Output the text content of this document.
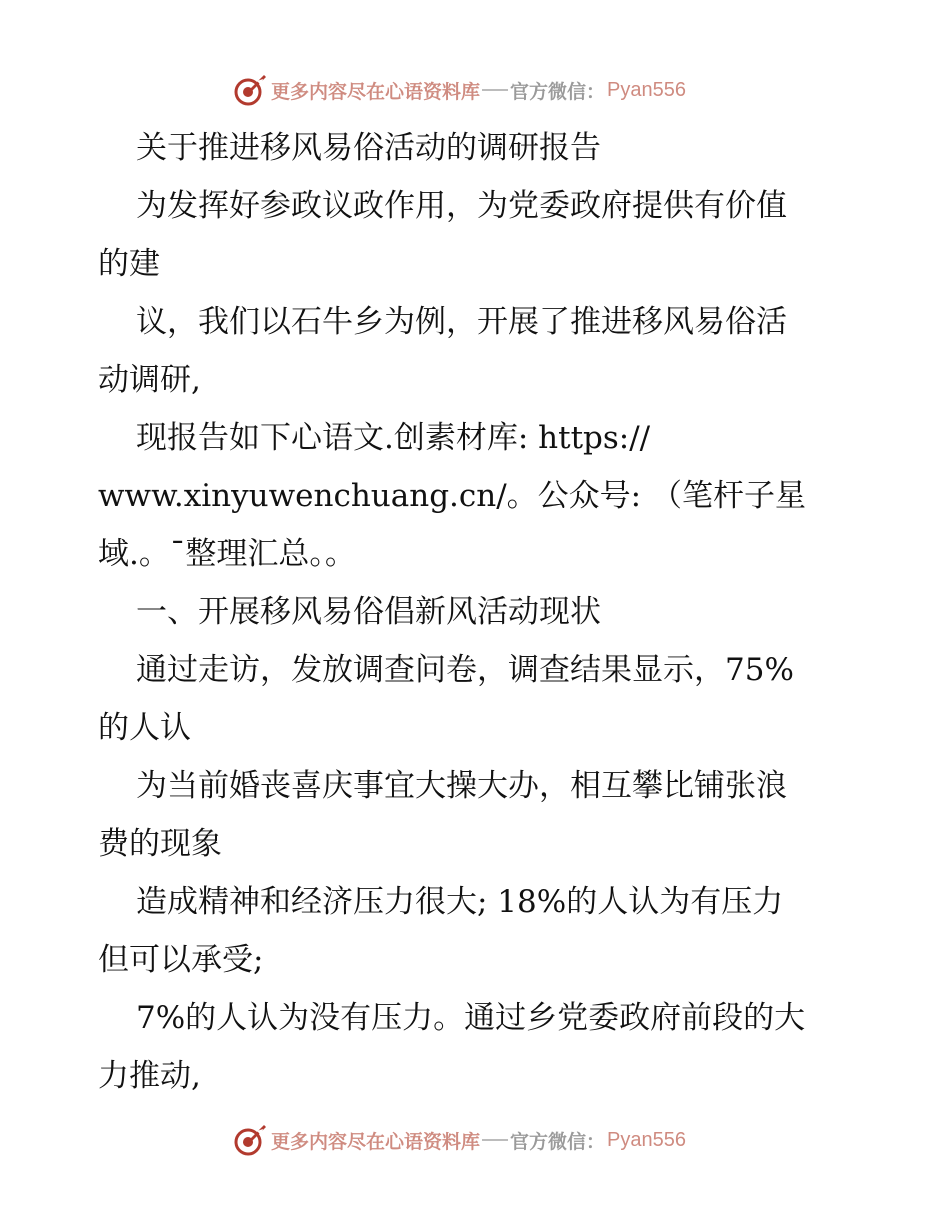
更多内容尽在心语资料库 官方微信： Pyan556
关于推进移风易俗活动的调研报告
为发挥好参政议政作用，为党委政府提供有价值
的建
议，我们以石牛乡为例，开展了推进移风易俗活
动调研,
现报告如下心语文.创素材库: https://
www.xinyuwenchuang.cn/。公众号: （笔杆子星
域.。¯整理汇总。。
一、开展移风易俗倡新风活动现状
通过走访，发放调查问卷，调查结果显示，75%
的人认
为当前婚丧喜庆事宜大操大办，相互攀比铺张浪
费的现象
造成精神和经济压力很大; 18%的人认为有压力
但可以承受;
7%的人认为没有压力。通过乡党委政府前段的大
力推动,
更多内容尽在心语资料库 官方微信： Pyan556
